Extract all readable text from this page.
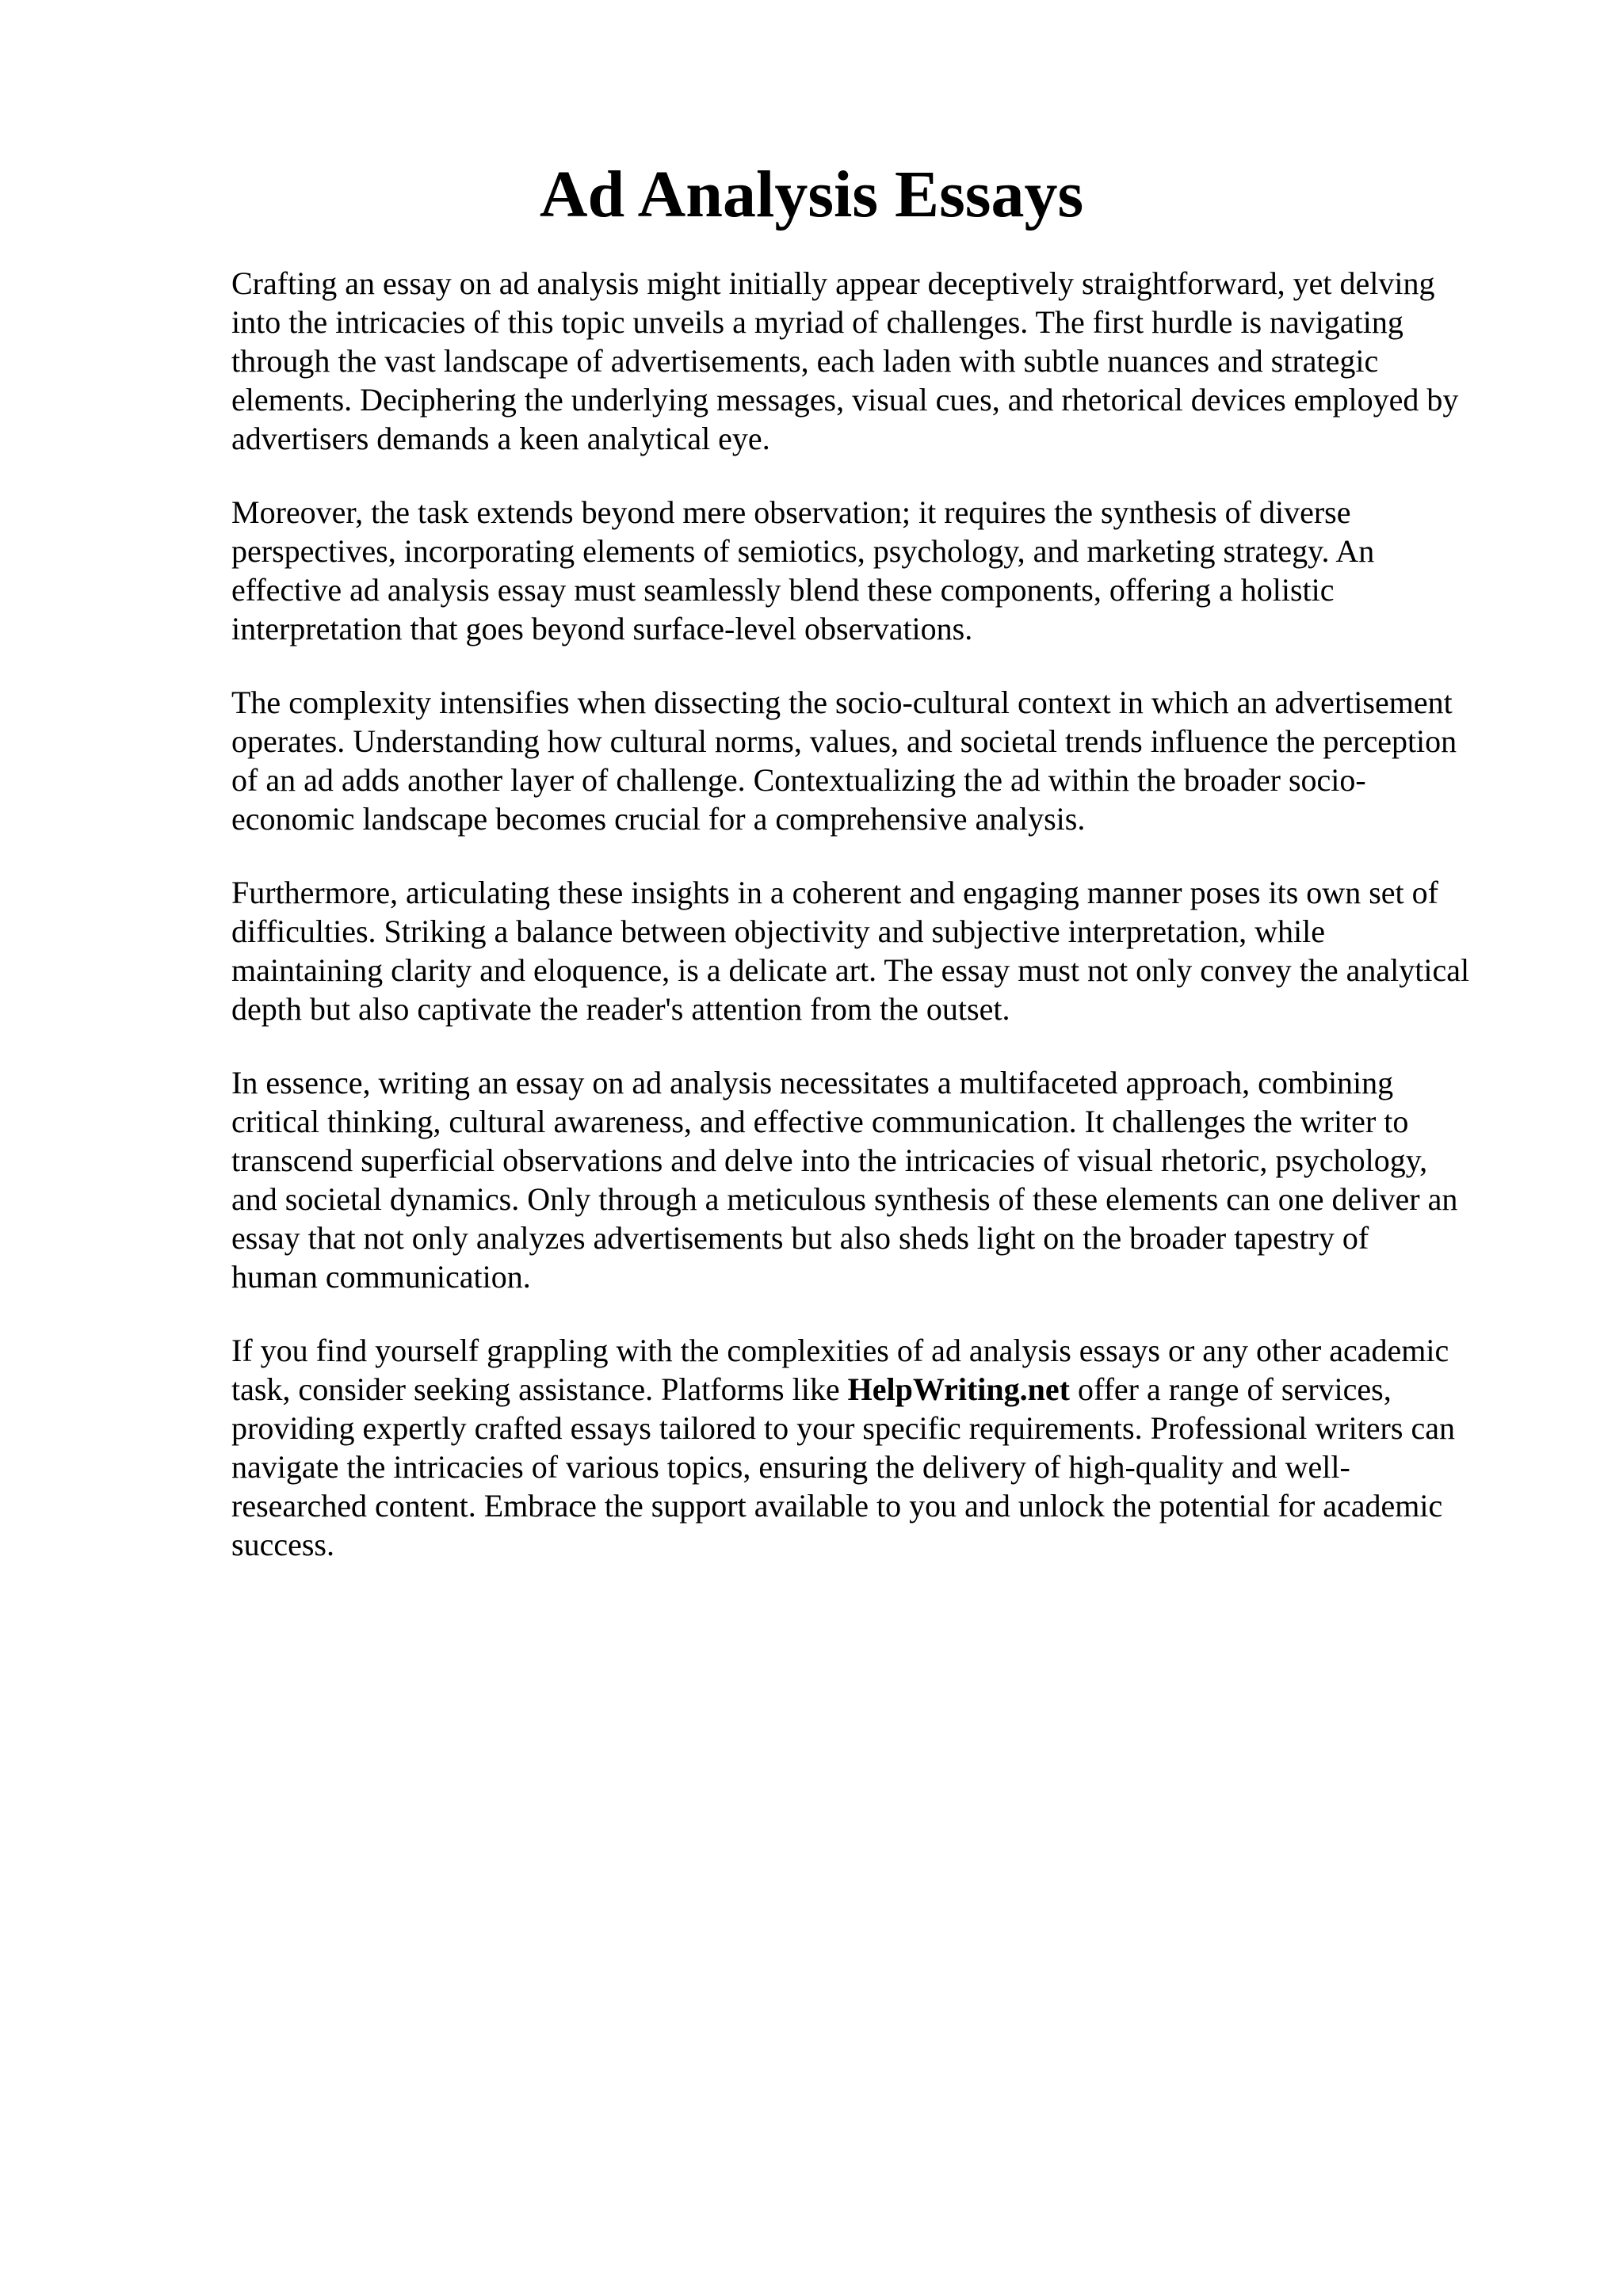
Ad Analysis Essays

Crafting an essay on ad analysis might initially appear deceptively straightforward, yet delving
into the intricacies of this topic unveils a myriad of challenges. The first hurdle is navigating
through the vast landscape of advertisements, each laden with subtle nuances and strategic
elements. Deciphering the underlying messages, visual cues, and rhetorical devices employed by
advertisers demands a keen analytical eye.

Moreover, the task extends beyond mere observation; it requires the synthesis of diverse
perspectives, incorporating elements of semiotics, psychology, and marketing strategy. An
effective ad analysis essay must seamlessly blend these components, offering a holistic
interpretation that goes beyond surface-level observations.

The complexity intensifies when dissecting the socio-cultural context in which an advertisement
operates. Understanding how cultural norms, values, and societal trends influence the perception
of an ad adds another layer of challenge. Contextualizing the ad within the broader socio-
economic landscape becomes crucial for a comprehensive analysis.

Furthermore, articulating these insights in a coherent and engaging manner poses its own set of
difficulties. Striking a balance between objectivity and subjective interpretation, while
maintaining clarity and eloquence, is a delicate art. The essay must not only convey the analytical
depth but also captivate the reader's attention from the outset.

In essence, writing an essay on ad analysis necessitates a multifaceted approach, combining
critical thinking, cultural awareness, and effective communication. It challenges the writer to
transcend superficial observations and delve into the intricacies of visual rhetoric, psychology,
and societal dynamics. Only through a meticulous synthesis of these elements can one deliver an
essay that not only analyzes advertisements but also sheds light on the broader tapestry of
human communication.

If you find yourself grappling with the complexities of ad analysis essays or any other academic
task, consider seeking assistance. Platforms like HelpWriting.net offer a range of services,
providing expertly crafted essays tailored to your specific requirements. Professional writers can
navigate the intricacies of various topics, ensuring the delivery of high-quality and well-
researched content. Embrace the support available to you and unlock the potential for academic
success.
